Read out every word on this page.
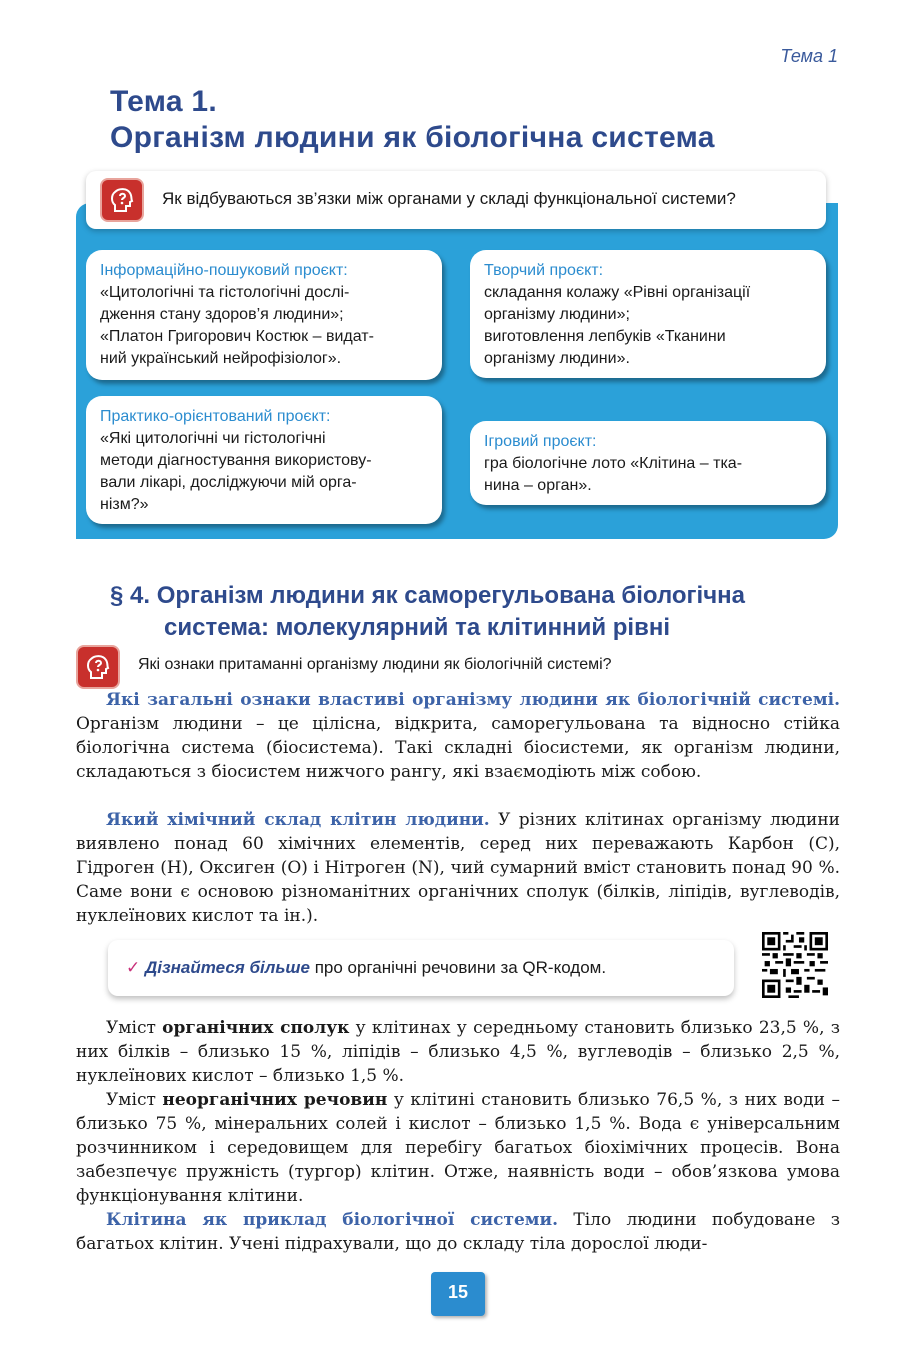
Тема 1
Тема 1.
Організм людини як біологічна система
Як відбуваються зв’язки між органами у складі функціональної системи?
Інформаційно-пошуковий проєкт:
«Цитологічні та гістологічні дослі-
дження стану здоров’я людини»;
«Платон Григорович Костюк – видат-
ний український нейрофізіолог».
Творчий проєкт:
складання колажу «Рівні організації
організму людини»;
виготовлення лепбуків «Тканини
організму людини».
Практико-орієнтований проєкт:
«Які цитологічні чи гістологічні
методи діагностування використову-
вали лікарі, досліджуючи мій орга-
нізм?»
Ігровий проєкт:
гра біологічне лото «Клітина – тка-
нина – орган».
§ 4. Організм людини як саморегульована біологічна
система: молекулярний та клітинний рівні
Які ознаки притаманні організму людини як біологічній системі?
Які загальні ознаки властиві організму людини як біологічній системі. Організм людини – це цілісна, відкрита, саморегульована та відносно стійка біологічна система (біосистема). Такі складні біосистеми, як організм людини, складаються з біосистем нижчого рангу, які взаємодіють між собою.
Який хімічний склад клітин людини. У різних клітинах організму людини виявлено понад 60 хімічних елементів, серед них переважають Карбон (C), Гідроген (H), Оксиген (O) і Нітроген (N), чий сумарний вміст становить понад 90 %. Саме вони є основою різноманітних органічних сполук (білків, ліпідів, вуглеводів, нуклеїнових кислот та ін.).
✓ Дізнайтеся більше про органічні речовини за QR-кодом.
Уміст органічних сполук у клітинах у середньому становить близько 23,5 %, з них білків – близько 15 %, ліпідів – близько 4,5 %, вуглеводів – близько 2,5 %, нуклеїнових кислот – близько 1,5 %.
Уміст неорганічних речовин у клітині становить близько 76,5 %, з них води – близько 75 %, мінеральних солей і кислот – близько 1,5 %. Вода є універсальним розчинником і середовищем для перебігу багатьох біохімічних процесів. Вона забезпечує пружність (тургор) клітин. Отже, наявність води – обов’язкова умова функціонування клітини.
Клітина як приклад біологічної системи. Тіло людини побудоване з багатьох клітин. Учені підрахували, що до складу тіла дорослої люди-
15
